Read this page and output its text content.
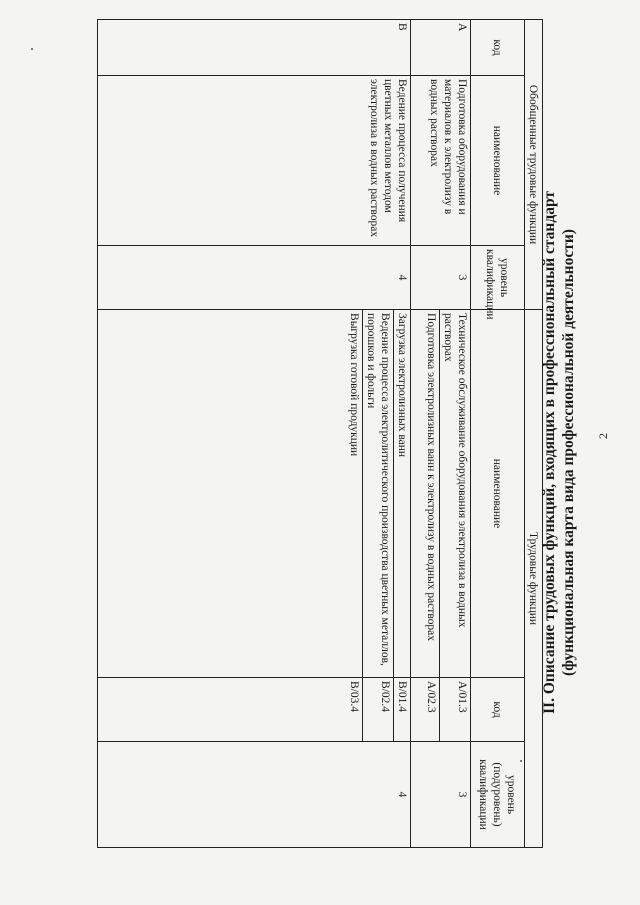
2
II. Описание трудовых функций, входящих в профессиональный стандарт (функциональная карта вида профессиональной деятельности)
Обобщенные трудовые функции			Трудовые функции		
код	наименование	уровень квалификации	наименование	код	уровень (подуровень) квалификации
A	Подготовка оборудования и материалов к электролизу в водных растворах	3	Техническое обслуживание оборудования электролиза в водных растворах	A/01.3	3
			Подготовка электролизных ванн к электролизу в водных растворах	A/02.3	
B	Ведение процесса получения цветных металлов методом электролиза в водных растворах	4	Загрузка электролизных ванн	B/01.4	4
			Ведение процесса электролитического производства цветных металлов, порошков и фольги	B/02.4	
			Выгрузка готовой продукции	B/03.4	
